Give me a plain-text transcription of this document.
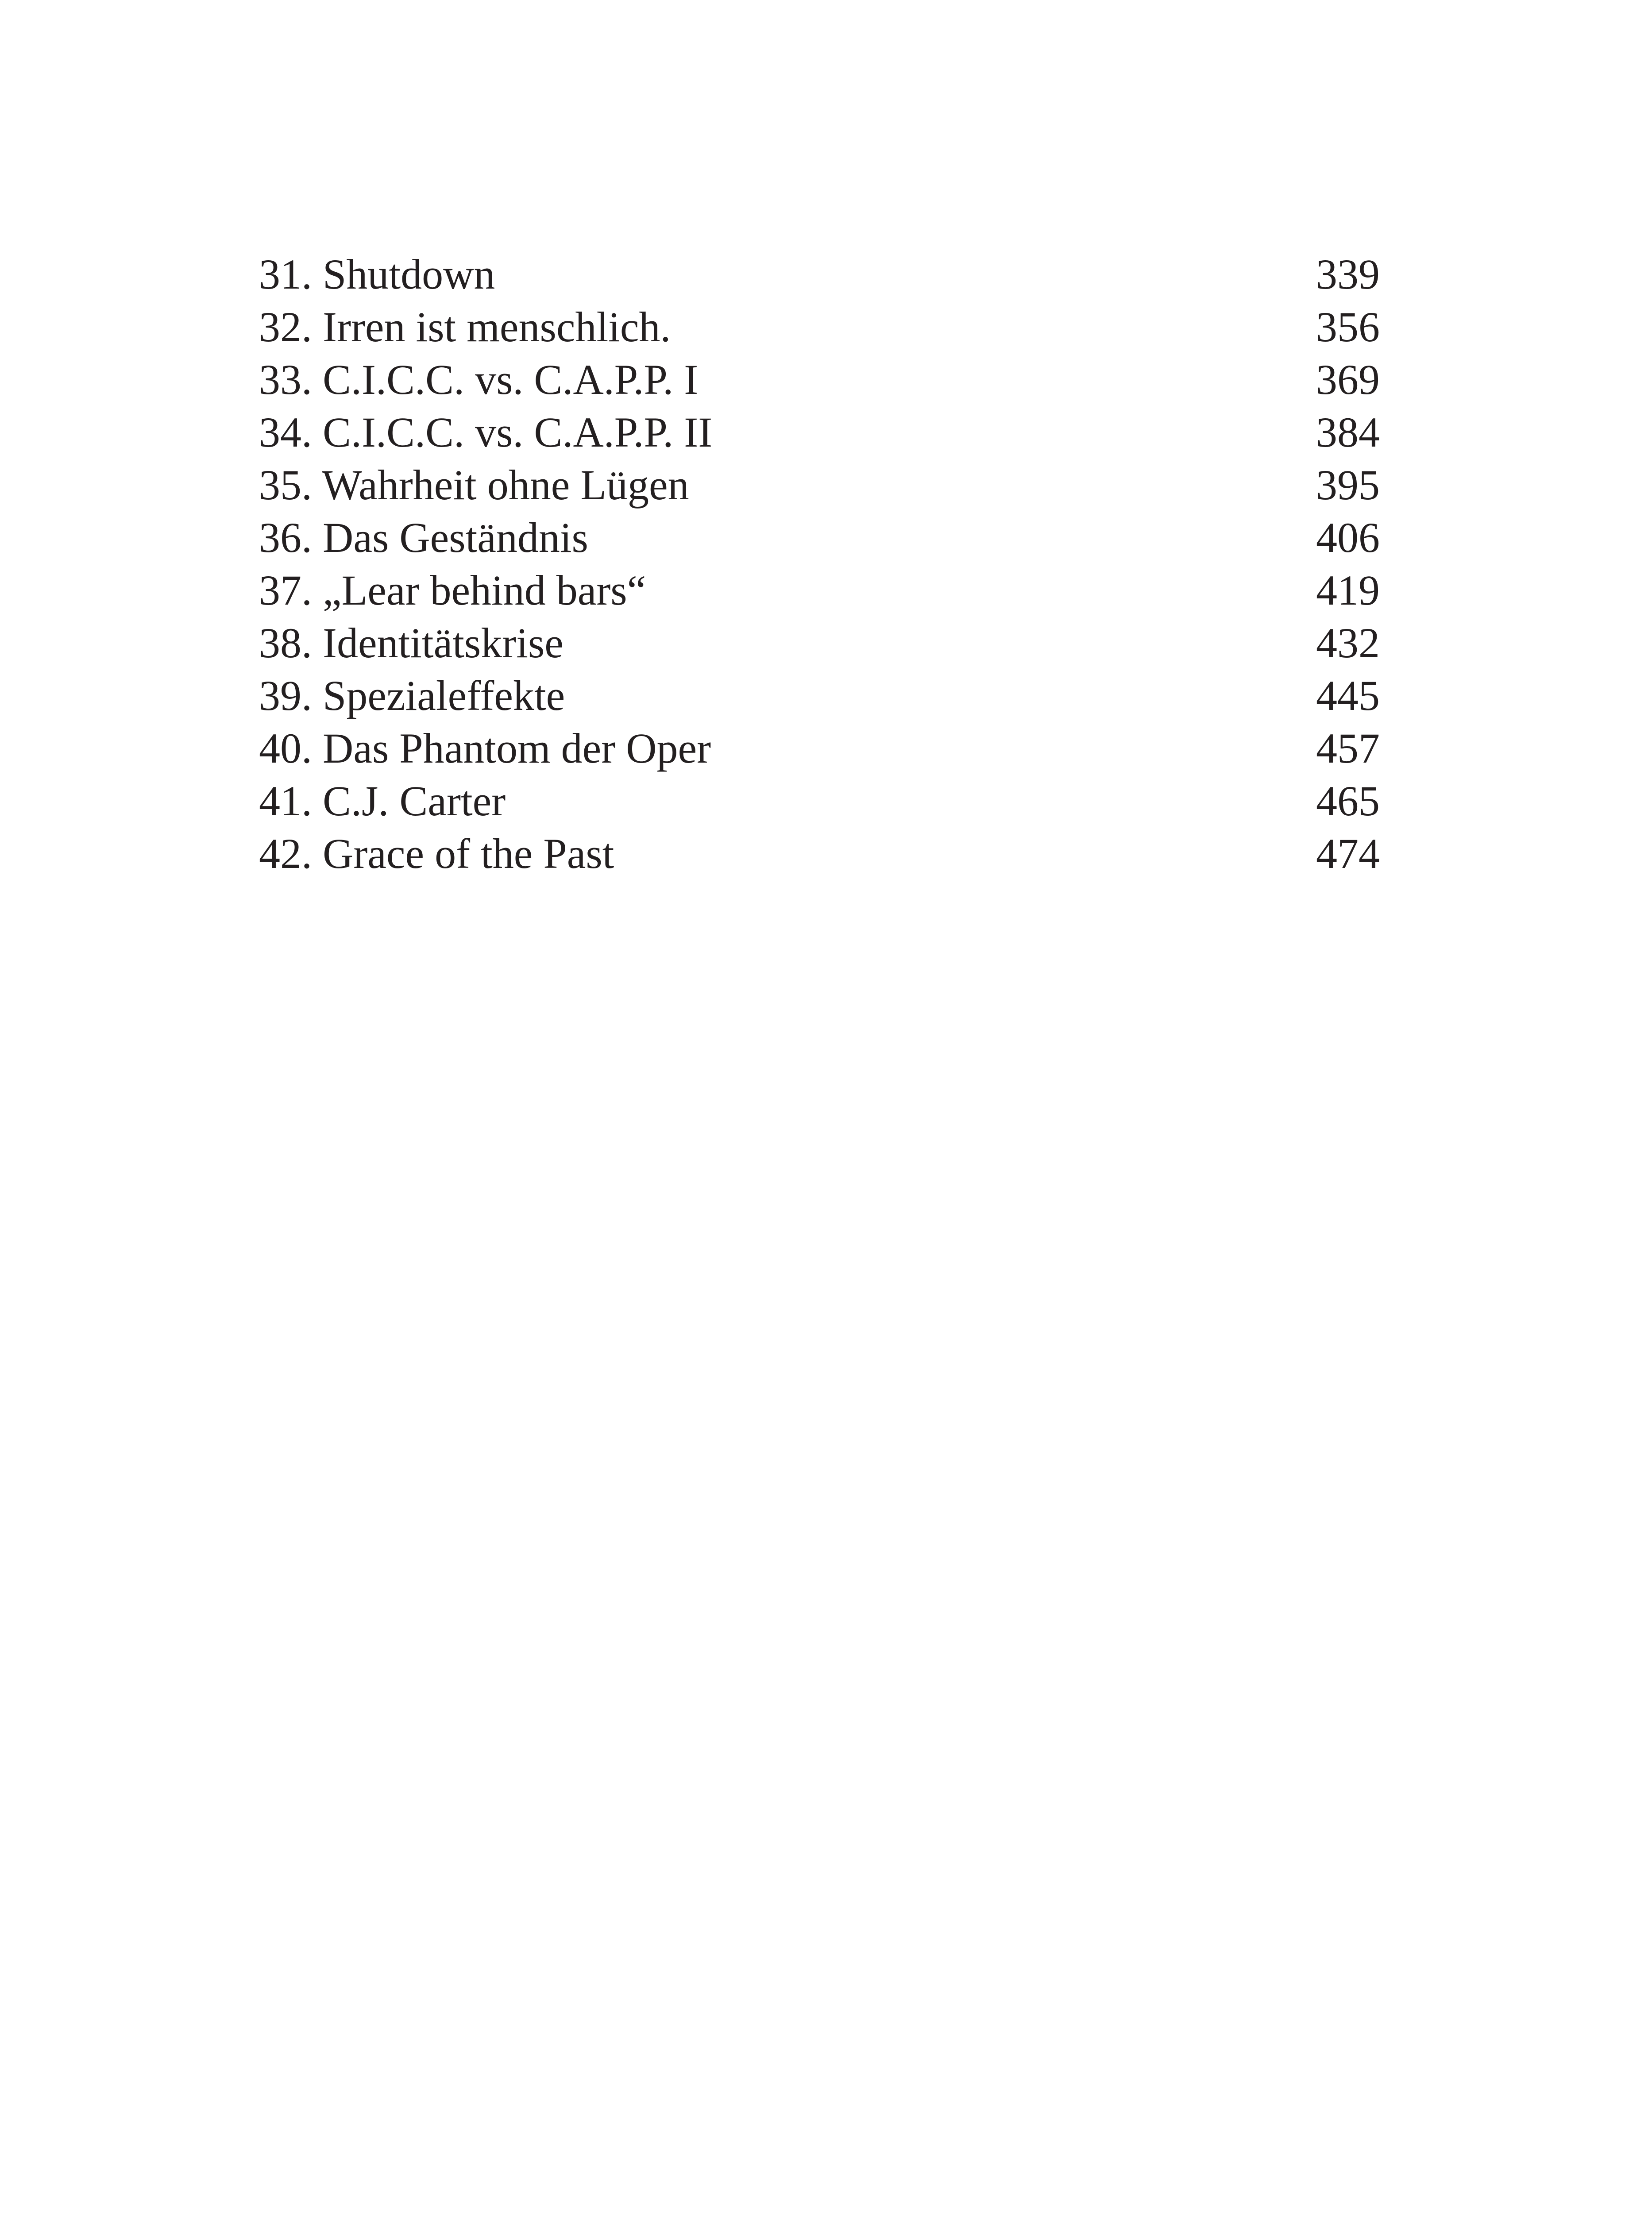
31. Shutdown	339
32. Irren ist menschlich.	356
33. C.I.C.C. vs. C.A.P.P. I	369
34. C.I.C.C. vs. C.A.P.P. II	384
35. Wahrheit ohne Lügen	395
36. Das Geständnis	406
37. „Lear behind bars“	419
38. Identitätskrise	432
39. Spezialeffekte	445
40. Das Phantom der Oper	457
41. C.J. Carter	465
42. Grace of the Past	474
